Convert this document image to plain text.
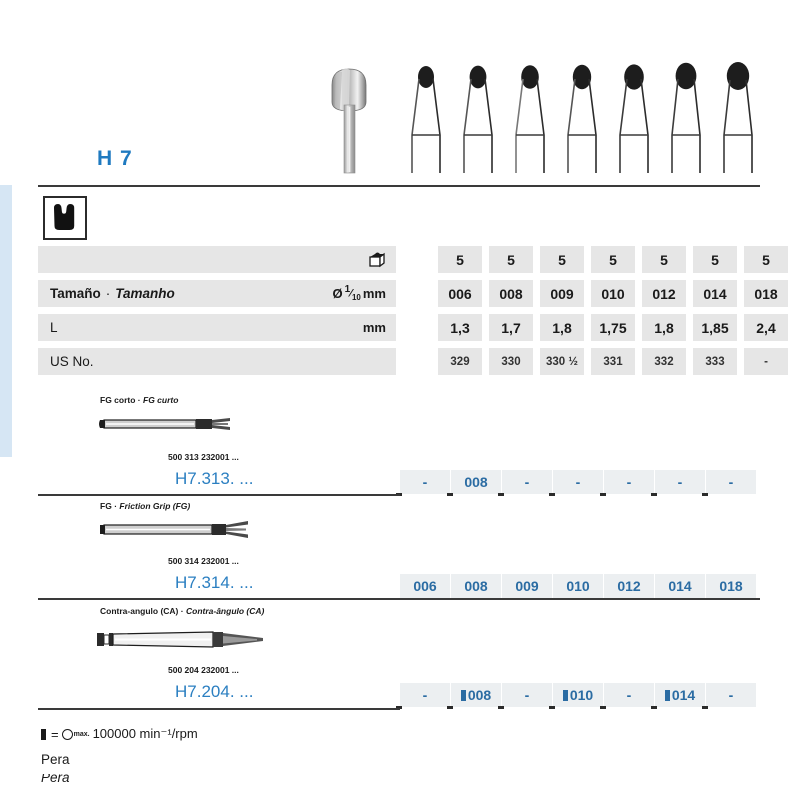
H 7
5	5	5	5	5	5	5
Tamaño · Tamanho	Ø $^1⁄_{10}$ mm	006	008	009	010	012	014	018
L	mm	1,3	1,7	1,8	1,75	1,8	1,85	2,4
US No.	329	330	330 ½	331	332	333	-
FG corto · FG curto
500 313 232001 ...
H7.313. ...	-	008	-	-	-	-	-
FG · Friction Grip (FG)
500 314 232001 ...
H7.314. ...	006 008 009 010 012 014 018
Contra-angulo (CA) · Contra-ângulo (CA)
500 204 232001 ...
H7.204. ...	-	008 -	010 -	014 -
= max. 100000 min⁻¹/rpm
Pera
Pêra
